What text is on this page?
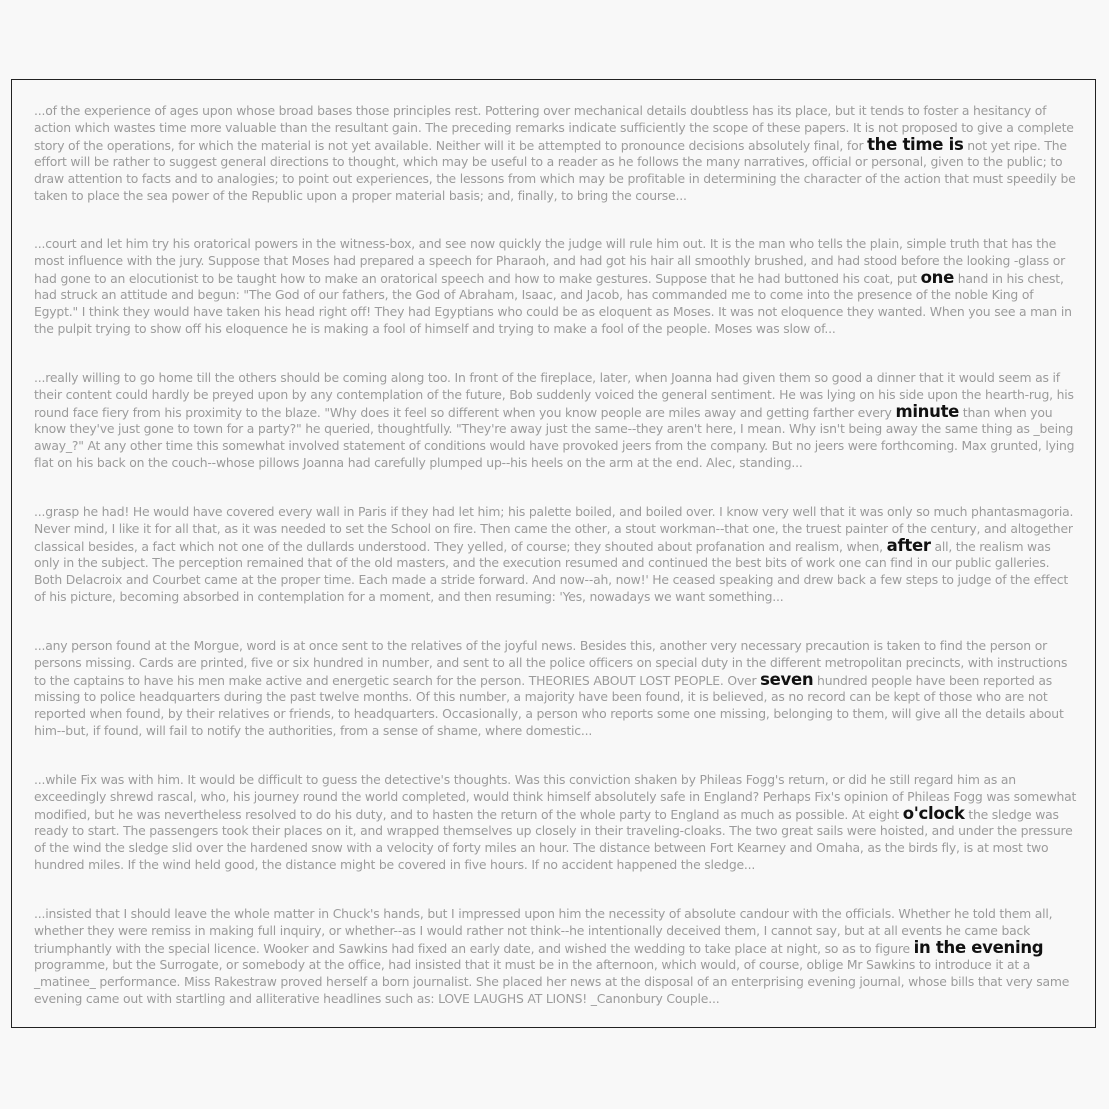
...of the experience of ages upon whose broad bases those principles rest. Pottering over mechanical details doubtless has its place, but it tends to foster a hesitancy of action which wastes time more valuable than the resultant gain. The preceding remarks indicate sufficiently the scope of these papers. It is not proposed to give a complete story of the operations, for which the material is not yet available. Neither will it be attempted to pronounce decisions absolutely final, for the time is not yet ripe. The effort will be rather to suggest general directions to thought, which may be useful to a reader as he follows the many narratives, official or personal, given to the public; to draw attention to facts and to analogies; to point out experiences, the lessons from which may be profitable in determining the character of the action that must speedily be taken to place the sea power of the Republic upon a proper material basis; and, finally, to bring the course...

...court and let him try his oratorical powers in the witness-box, and see now quickly the judge will rule him out. It is the man who tells the plain, simple truth that has the most influence with the jury. Suppose that Moses had prepared a speech for Pharaoh, and had got his hair all smoothly brushed, and had stood before the looking -glass or had gone to an elocutionist to be taught how to make an oratorical speech and how to make gestures. Suppose that he had buttoned his coat, put one hand in his chest, had struck an attitude and begun: "The God of our fathers, the God of Abraham, Isaac, and Jacob, has commanded me to come into the presence of the noble King of Egypt." I think they would have taken his head right off! They had Egyptians who could be as eloquent as Moses. It was not eloquence they wanted. When you see a man in the pulpit trying to show off his eloquence he is making a fool of himself and trying to make a fool of the people. Moses was slow of...

...really willing to go home till the others should be coming along too. In front of the fireplace, later, when Joanna had given them so good a dinner that it would seem as if their content could hardly be preyed upon by any contemplation of the future, Bob suddenly voiced the general sentiment. He was lying on his side upon the hearth-rug, his round face fiery from his proximity to the blaze. "Why does it feel so different when you know people are miles away and getting farther every minute than when you know they've just gone to town for a party?" he queried, thoughtfully. "They're away just the same--they aren't here, I mean. Why isn't being away the same thing as _being away_?" At any other time this somewhat involved statement of conditions would have provoked jeers from the company. But no jeers were forthcoming. Max grunted, lying flat on his back on the couch--whose pillows Joanna had carefully plumped up--his heels on the arm at the end. Alec, standing...

...grasp he had! He would have covered every wall in Paris if they had let him; his palette boiled, and boiled over. I know very well that it was only so much phantasmagoria. Never mind, I like it for all that, as it was needed to set the School on fire. Then came the other, a stout workman--that one, the truest painter of the century, and altogether classical besides, a fact which not one of the dullards understood. They yelled, of course; they shouted about profanation and realism, when, after all, the realism was only in the subject. The perception remained that of the old masters, and the execution resumed and continued the best bits of work one can find in our public galleries. Both Delacroix and Courbet came at the proper time. Each made a stride forward. And now--ah, now!' He ceased speaking and drew back a few steps to judge of the effect of his picture, becoming absorbed in contemplation for a moment, and then resuming: 'Yes, nowadays we want something...

...any person found at the Morgue, word is at once sent to the relatives of the joyful news. Besides this, another very necessary precaution is taken to find the person or persons missing. Cards are printed, five or six hundred in number, and sent to all the police officers on special duty in the different metropolitan precincts, with instructions to the captains to have his men make active and energetic search for the person. THEORIES ABOUT LOST PEOPLE. Over seven hundred people have been reported as missing to police headquarters during the past twelve months. Of this number, a majority have been found, it is believed, as no record can be kept of those who are not reported when found, by their relatives or friends, to headquarters. Occasionally, a person who reports some one missing, belonging to them, will give all the details about him--but, if found, will fail to notify the authorities, from a sense of shame, where domestic...

...while Fix was with him. It would be difficult to guess the detective's thoughts. Was this conviction shaken by Phileas Fogg's return, or did he still regard him as an exceedingly shrewd rascal, who, his journey round the world completed, would think himself absolutely safe in England? Perhaps Fix's opinion of Phileas Fogg was somewhat modified, but he was nevertheless resolved to do his duty, and to hasten the return of the whole party to England as much as possible. At eight o'clock the sledge was ready to start. The passengers took their places on it, and wrapped themselves up closely in their traveling-cloaks. The two great sails were hoisted, and under the pressure of the wind the sledge slid over the hardened snow with a velocity of forty miles an hour. The distance between Fort Kearney and Omaha, as the birds fly, is at most two hundred miles. If the wind held good, the distance might be covered in five hours. If no accident happened the sledge...

...insisted that I should leave the whole matter in Chuck's hands, but I impressed upon him the necessity of absolute candour with the officials. Whether he told them all, whether they were remiss in making full inquiry, or whether--as I would rather not think--he intentionally deceived them, I cannot say, but at all events he came back triumphantly with the special licence. Wooker and Sawkins had fixed an early date, and wished the wedding to take place at night, so as to figure in the evening programme, but the Surrogate, or somebody at the office, had insisted that it must be in the afternoon, which would, of course, oblige Mr Sawkins to introduce it at a _matinee_ performance. Miss Rakestraw proved herself a born journalist. She placed her news at the disposal of an enterprising evening journal, whose bills that very same evening came out with startling and alliterative headlines such as: LOVE LAUGHS AT LIONS! _Canonbury Couple...
